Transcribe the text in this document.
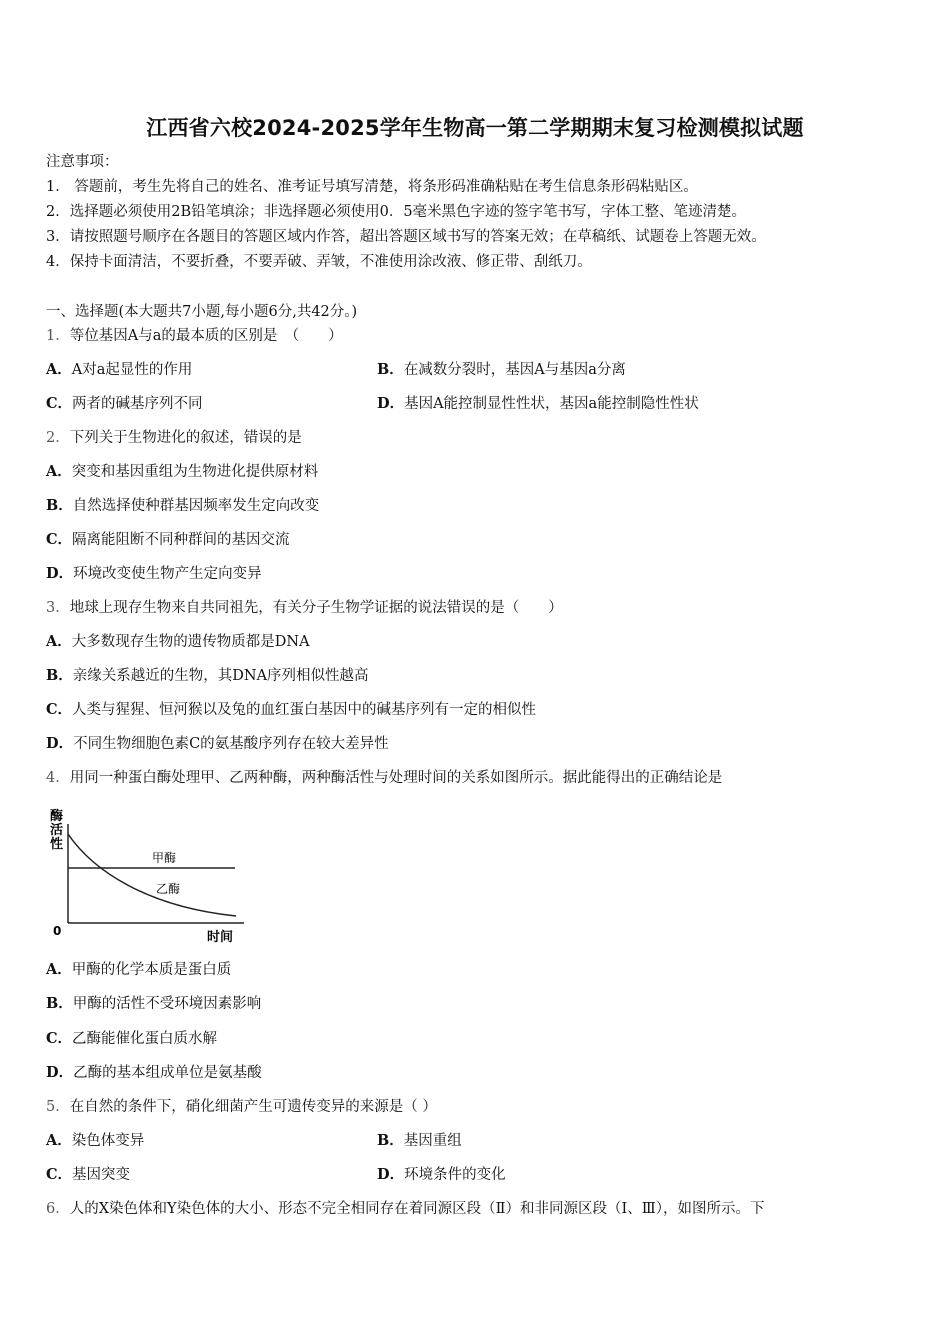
江西省六校2024-2025学年生物高一第二学期期末复习检测模拟试题
注意事项：
1． 答题前，考生先将自己的姓名、准考证号填写清楚，将条形码准确粘贴在考生信息条形码粘贴区。
2．选择题必须使用2B铅笔填涂；非选择题必须使用0．5毫米黑色字迹的签字笔书写，字体工整、笔迹清楚。
3．请按照题号顺序在各题目的答题区域内作答，超出答题区域书写的答案无效；在草稿纸、试题卷上答题无效。
4．保持卡面清洁，不要折叠，不要弄破、弄皱，不准使用涂改液、修正带、刮纸刀。
一、选择题(本大题共7小题,每小题6分,共42分。)
1．等位基因A与a的最本质的区别是　（　　）
A．A对a起显性的作用	B．在减数分裂时，基因A与基因a分离
C．两者的碱基序列不同	D．基因A能控制显性性状，基因a能控制隐性性状
2．下列关于生物进化的叙述，错误的是
A．突变和基因重组为生物进化提供原材料
B．自然选择使种群基因频率发生定向改变
C．隔离能阻断不同种群间的基因交流
D．环境改变使生物产生定向变异
3．地球上现存生物来自共同祖先，有关分子生物学证据的说法错误的是（　　）
A．大多数现存生物的遗传物质都是DNA
B．亲缘关系越近的生物，其DNA序列相似性越高
C．人类与猩猩、恒河猴以及兔的血红蛋白基因中的碱基序列有一定的相似性
D．不同生物细胞色素C的氨基酸序列存在较大差异性
4．用同一种蛋白酶处理甲、乙两种酶，两种酶活性与处理时间的关系如图所示。据此能得出的正确结论是
酶
活
性
0	时间
甲酶
乙酶
A．甲酶的化学本质是蛋白质
B．甲酶的活性不受环境因素影响
C．乙酶能催化蛋白质水解
D．乙酶的基本组成单位是氨基酸
5．在自然的条件下，硝化细菌产生可遗传变异的来源是（ ）
A．染色体变异	B．基因重组
C．基因突变	D．环境条件的变化
6．人的X染色体和Y染色体的大小、形态不完全相同存在着同源区段（Ⅱ）和非同源区段（Ⅰ、Ⅲ），如图所示。下
